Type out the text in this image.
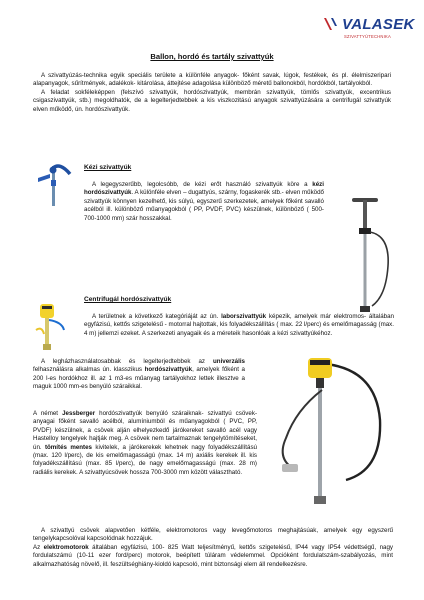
VALASEK
SZIVATTYÚTECHNIKA
Ballon, hordó és tartály szivattyúk

A szivattyúzás-technika egyik speciális területe a különféle anyagok- főként savak, lúgok, festékek, és pl. élelmiszeripari alapanyagok, sűrítmények, adalékok- kitárolása, áttejtése adagolása különböző méretű ballonokból, hordókból, tartályokból.

A feladat sokféleképpen (felszívó szivattyúk, hordószivattyúk, membrán szivattyúk, tömlős szivattyúk, excentrikus csigaszivattyúk, stb.) megoldhatók, de a legelterjedtebbek a kis viszkozitású anyagok szivattyúzására a centrifugál szivattyúk elven működő, ún. hordószivattyúk.

Kézi szivattyúk

A legegyszerűbb, legolcsóbb, de kézi erőt használó szivattyúk köre a kézi hordószivattyúk. A különféle elven – dugattyús, szárny, fogaskerék stb.- elven működő szivattyúk könnyen kezelhető, kis súlyú, egyszerű szerkezetek, amelyek főként savalló acélból ill. különböző műanyagokból ( PP, PVDF, PVC) készülnek, különböző ( 500-700-1000 mm) szár hosszakkal.

Centrifugál hordószivattyúk

A területnek a következő kategóriáját az ún. laborszivattyúk képezik, amelyek már elektromos- általában egyfázisú, kettős szigetelésű - motorral hajtottak, kis folyadékszállítás ( max. 22 l/perc) és emelőmagasság (max. 4 m) jellemzi ezeket. A szerkezeti anyagaik és a méreteik hasonlóak a kézi szivattyúkéhoz.

A legházhasználatosabbak és legelterjedtebbek az univerzális felhasználásra alkalmas ún. klasszikus hordószivattyúk, amelyek főként a 200 l-es hordókhoz ill. az 1 m3-es műanyag tartályokhoz lettek illesztve a maguk 1000 mm-es benyúló száraikkal.

A német Jessberger hordószivattyúk benyúló száraiknak- szivattyú csövek- anyagai főként savalló acélból, alumíniumból és műanyagokból ( PVC, PP, PVDF) készülnek, a csövek alján elhelyezkedő járókereket savalló acél vagy Hastelloy tengelyek hajtják meg. A csövek nem tartalmaznak tengelytömítéseket, ún. tömítés mentes kivitelek, a járókerekek lehetnek nagy folyadékszállítású (max. 120 l/perc), de kis emelőmagasságú (max. 14 m) axiális kerekek ill. kis folyadékszállítású (max. 85 l/perc), de nagy emelőmagasságú (max. 28 m) radiális kerekek. A szivattyúcsövek hossza 700-3000 mm között választható.

A szivattyú csövek alapvetően kétféle, elektromotoros vagy levegőmotoros meghajtásúak, amelyek egy egyszerű tengelykapcsolóval kapcsolódnak hozzájuk.

Az elektromotorok általában egyfázisú, 100- 825 Watt teljesítményű, kettős szigetelésű, IP44 vagy IP54 védettségű, nagy fordulatszámú (10-11 ezer ford/perc) motorok, beépített túláram védelemmel. Opcióként fordulatszám-szabályozás, mint alkalmazhatóság növelő, ill. feszültséghiány-kioldó kapcsoló, mint biztonsági elem áll rendelkezésre.
